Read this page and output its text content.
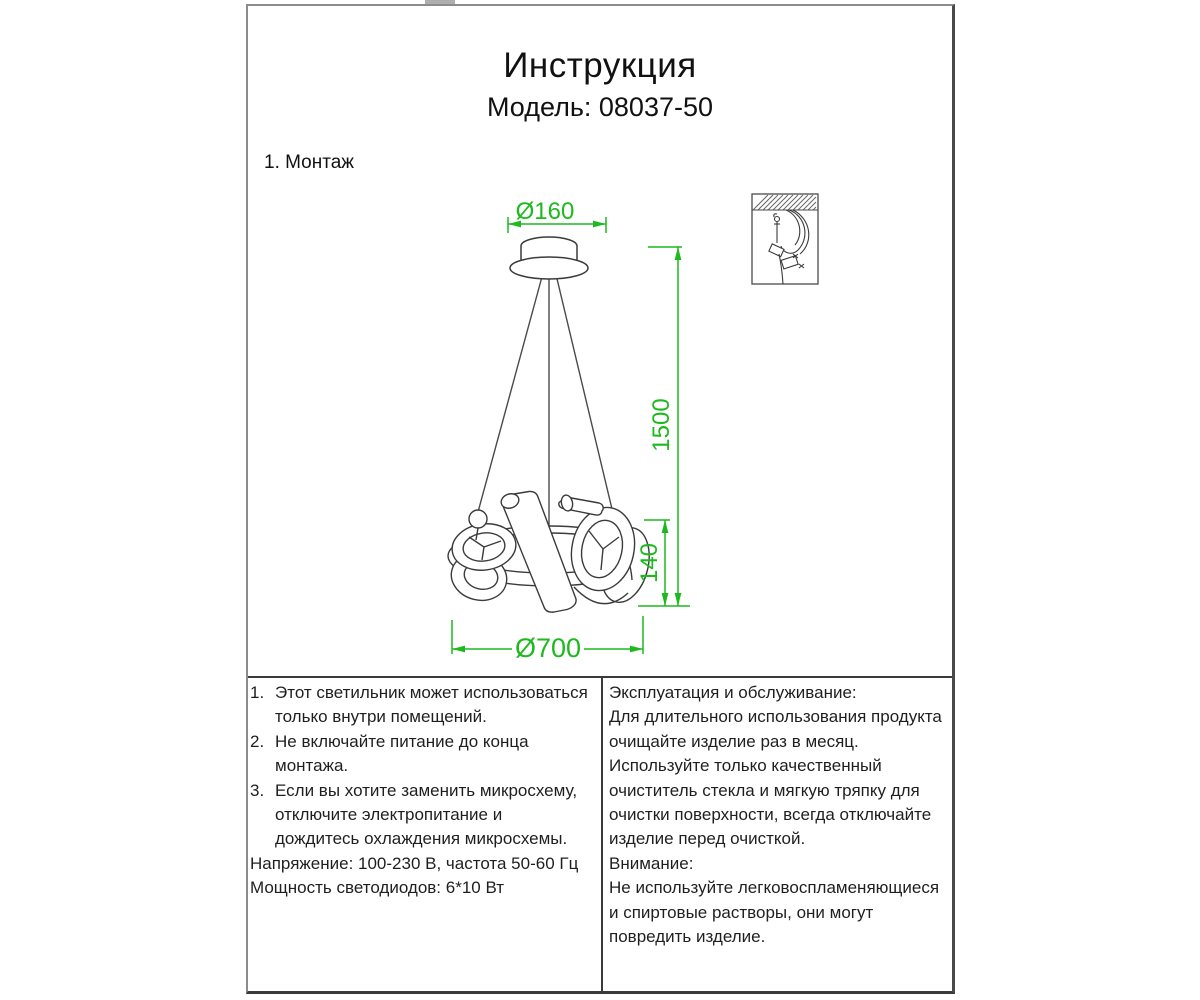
Инструкция
Модель: 08037-50
1. Монтаж
1. Этот светильник может использоваться
только внутри помещений.
2. Не включайте питание до конца
монтажа.
3. Если вы хотите заменить микросхему,
отключите электропитание и
дождитесь охлаждения микросхемы.
Напряжение: 100-230 В, частота 50-60 Гц
Мощность светодиодов: 6*10 Вт
Эксплуатация и обслуживание:
Для длительного использования продукта
очищайте изделие раз в месяц.
Используйте только качественный
очиститель стекла и мягкую тряпку для
очистки поверхности, всегда отключайте
изделие перед очисткой.
Внимание:
Не используйте легковоспламеняющиеся
и спиртовые растворы, они могут
повредить изделие.
Ø160
1500
140
Ø700
